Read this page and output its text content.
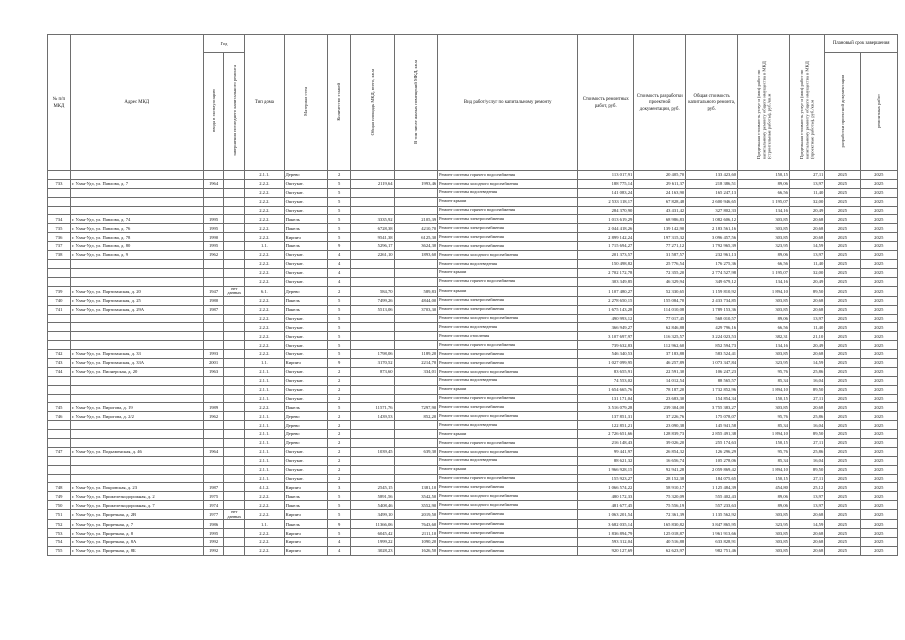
№ п/п МКД	Адрес МКД	Год		Тип дома	Материал стен	Количество этажей	Общая площадь МКД, всего, кв.м	В том числе жилых помещений МКД, кв.м	Вид работ/услуг по капитальному ремонту	Стоимость ремонтных работ, руб.	Стоимость разработки проектной документации, руб.	Общая стоимость капитального ремонта, руб.	Предельная стоимость услуг и (или) работ по капитальному ремонту общего имущества в МКД (строительные работы), руб./кв.м	Предельная стоимость услуг и (или) работ по капитальному ремонту общего имущества в МКД (проектные работы), руб./кв.м	Плановый срок завершения	
		ввода в эксплуатацию	завершения последнего капитального ремонта												разработки проектной документации	ремонтных работ
				2.1.1.	Дерево	2			Ремонт системы горячего водоснабжения	113 017,91	20 405,70	133 423,60	150,15	27,11	2025	2025
733	г. Улан-Удэ, ул. Павлова, д. 7	1964		2.2.2.	Оштукат.	5	2119,64	1993,46	Ремонт системы холодного водоснабжения	188 775,14	29 611,37	218 386,51	89,06	13,97	2025	2025
				2.2.2.	Оштукат.	5			Ремонт системы водоотведения	141 083,24	24 163,90	165 247,13	66,56	11,40	2025	2025
				2.2.2.	Оштукат.	5			Ремонт крыши	2 533 118,17	67 828,48	2 600 946,65	1 195,07	32,00	2025	2025
				2.2.2.	Оштукат.	5			Ремонт системы горячего водоснабжения	284 370,90	43 431,42	327 802,33	134,16	20,49	2025	2025
734	г. Улан-Удэ, ул. Павлова, д. 74	1995		2.2.2.	Панель	5	3335,92	2105,39	Ремонт системы электроснабжения	1 013 619,29	68 986,83	1 082 606,12	303,85	20,68	2025	2025
735	г. Улан-Удэ, ул. Павлова, д. 76	1995		2.2.2.	Панель	5	6728,38	4210,70	Ремонт системы электроснабжения	2 044 418,26	139 142,90	2 183 561,16	303,85	20,68	2025	2025
736	г. Улан-Удэ, ул. Павлова, д. 78	1990		2.2.2.	Кирпич	5	9541,38	6125,30	Ремонт системы электроснабжения	2 899 142,24	197 315,32	3 096 457,56	303,85	20,68	2025	2025
737	г. Улан-Удэ, ул. Павлова, д. 80	1995		1.1.	Панель	9	5296,17	3624,30	Ремонт системы электроснабжения	1 715 694,27	77 271,12	1 792 965,39	323,95	14,59	2025	2025
738	г. Улан-Удэ, ул. Павлова, д. 9	1962		2.2.2.	Оштукат.	4	2261,10	1893,60	Ремонт системы холодного водоснабжения	201 373,57	31 587,57	232 961,13	89,06	13,97	2025	2025
				2.2.2.	Оштукат.	4			Ремонт системы водоотведения	150 498,82	25 776,54	176 275,36	66,56	11,40	2025	2025
				2.2.2.	Оштукат.	4			Ремонт крыши	2 702 172,78	72 355,20	2 774 527,98	1 195,07	32,00	2025	2025
				2.2.2.	Оштукат.	4			Ремонт системы горячего водоснабжения	303 349,85	46 329,94	349 679,12	134,16	20,49	2025	2025
739	г. Улан-Удэ, ул. Партизанская, д. 20	1947	нет данных	6.1.	Дерево	2	584,70	589,83	Ремонт крыши	1 107 480,27	52 330,65	1 159 810,92	1 894,10	89,50	2025	2025
740	г. Улан-Удэ, ул. Партизанская, д. 25	1980		2.2.2.	Панель	5	7499,26	4844,00	Ремонт системы электроснабжения	2 278 650,15	155 084,70	2 433 734,85	303,85	20,68	2025	2025
741	г. Улан-Удэ, ул. Партизанская, д. 29А	1987		2.2.2.	Панель	5	5513,06	3703,30	Ремонт системы электроснабжения	1 675 143,28	114 010,08	1 789 153,36	303,85	20,68	2025	2025
				2.2.2.	Оштукат.	5			Ремонт системы холодного водоснабжения	490 993,12	77 017,45	568 010,57	89,06	13,97	2025	2025
				2.2.2.	Оштукат.	5			Ремонт системы водоотведения	366 949,27	62 846,88	429 796,16	66,56	11,40	2025	2025
				2.2.2.	Оштукат.	5			Ремонт системы отопления	3 107 697,97	116 325,57	3 224 023,53	382,31	21,10	2025	2025
				2.2.2.	Оштукат.	5			Ремонт системы горячего водоснабжения	739 632,83	112 962,60	852 594,73	134,16	20,49	2025	2025
742	г. Улан-Удэ, ул. Партизанская, д. 33	1993		2.2.2.	Оштукат.	5	1798,06	1189,20	Ремонт системы электроснабжения	546 340,53	37 183,88	583 524,41	303,85	20,68	2025	2025
743	г. Улан-Удэ, ул. Партизанская, д. 33А	2001		1.1.	Кирпич	9	3170,52	2214,70	Ремонт системы электроснабжения	1 027 099,95	46 257,89	1 073 347,84	323,95	14,59	2025	2025
744	г. Улан-Удэ, ул. Пионерская, д. 20	1963		2.1.1.	Оштукат.	2	873,60	334,01	Ремонт системы холодного водоснабжения	83 655,91	22 591,30	106 247,23	95,76	25,86	2025	2025
				2.1.1.	Оштукат.	2			Ремонт системы водоотведения	74 553,02	14 012,54	88 565,57	85,34	16,04	2025	2025
				2.1.1.	Оштукат.	2			Ремонт крыши	1 654 665,76	78 187,20	1 732 852,96	1 894,10	89,50	2025	2025
				2.1.1.	Оштукат.	2			Ремонт системы горячего водоснабжения	131 171,04	23 683,30	154 854,34	150,15	27,11	2025	2025
745	г. Улан-Удэ, ул. Пирогова, д. 19	1989		2.2.2.	Панель	5	11571,76	7297,90	Ремонт системы электроснабжения	3 516 079,28	239 304,00	3 755 383,27	303,85	20,68	2025	2025
746	г. Улан-Удэ, ул. Пирогова, д. 2/2	1962		2.1.1.	Дерево	2	1439,53	852,20	Ремонт системы холодного водоснабжения	137 851,31	37 226,76	175 078,07	95,76	25,86	2025	2025
				2.1.1.	Дерево	2			Ремонт системы водоотведения	122 851,21	23 090,38	145 941,58	85,34	16,04	2025	2025
				2.1.1.	Дерево	2			Ремонт крыши	2 726 651,66	128 839,73	2 855 491,38	1 894,10	89,50	2025	2025
				2.1.1.	Дерево	2			Ремонт системы горячего водоснабжения	216 148,43	39 026,20	255 174,63	150,15	27,11	2025	2025
747	г. Улан-Удэ, ул. Подкаменская, д. 46	1964		2.1.1.	Оштукат.	2	1039,45	639,30	Ремонт системы холодного водоснабжения	99 441,97	26 854,32	126 296,29	95,76	25,86	2025	2025
				2.1.1.	Оштукат.	2			Ремонт системы водоотведения	88 621,32	16 656,74	105 278,06	85,34	16,04	2025	2025
				2.1.1.	Оштукат.	2			Ремонт крыши	1 966 928,15	92 941,28	2 059 869,42	1 894,10	89,50	2025	2025
				2.1.1.	Оштукат.	2			Ремонт системы горячего водоснабжения	155 923,27	28 152,38	184 075,65	150,15	27,11	2025	2025
748	г. Улан-Удэ, ул. Покровская, д. 23	1987		4.1.2.	Кирпич	3	2545,15	1381,10	Ремонт системы электроснабжения	1 066 574,22	58 910,17	1 125 484,39	454,80	25,12	2025	2025
749	г. Улан-Удэ, ул. Прижелезнодорожная, д. 2	1975		2.2.2.	Панель	5	5891,56	3542,50	Ремонт системы холодного водоснабжения	480 172,33	75 320,09	555 402,43	89,06	13,97	2025	2025
750	г. Улан-Удэ, ул. Прижелезнодорожная, д. 7	1974		2.2.2.	Панель	5	5408,46	3552,90	Ремонт системы холодного водоснабжения	481 677,45	75 556,19	557 233,63	89,06	13,97	2025	2025
751	г. Улан-Удэ, ул. Приречная, д. 2В	1977	нет данных	2.2.2.	Кирпич	5	3499,10	2019,50	Ремонт системы электроснабжения	1 063 201,54	72 361,39	1 135 562,92	303,85	20,68	2025	2025
752	г. Улан-Удэ, ул. Приречная, д. 7	1986		1.1.	Панель	9	11366,06	7643,60	Ремонт системы электроснабжения	3 682 035,14	165 830,82	3 847 865,95	323,95	14,59	2025	2025
753	г. Улан-Удэ, ул. Приречная, д. 8	1995		2.2.2.	Кирпич	5	6045,42	2111,10	Ремонт системы электроснабжения	1 836 894,79	125 018,87	1 961 913,66	303,85	20,68	2025	2025
754	г. Улан-Удэ, ул. Приречная, д. 8А	1992		2.2.2.	Кирпич	4	1999,22	1090,20	Ремонт системы электроснабжения	593 312,04	40 516,88	633 828,91	303,85	20,68	2025	2025
755	г. Улан-Удэ, ул. Приречная, д. 8Б	1992		2.2.2.	Кирпич	4	3028,23	1626,50	Ремонт системы электроснабжения	920 127,69	62 623,97	982 751,46	303,85	20,68	2025	2025
